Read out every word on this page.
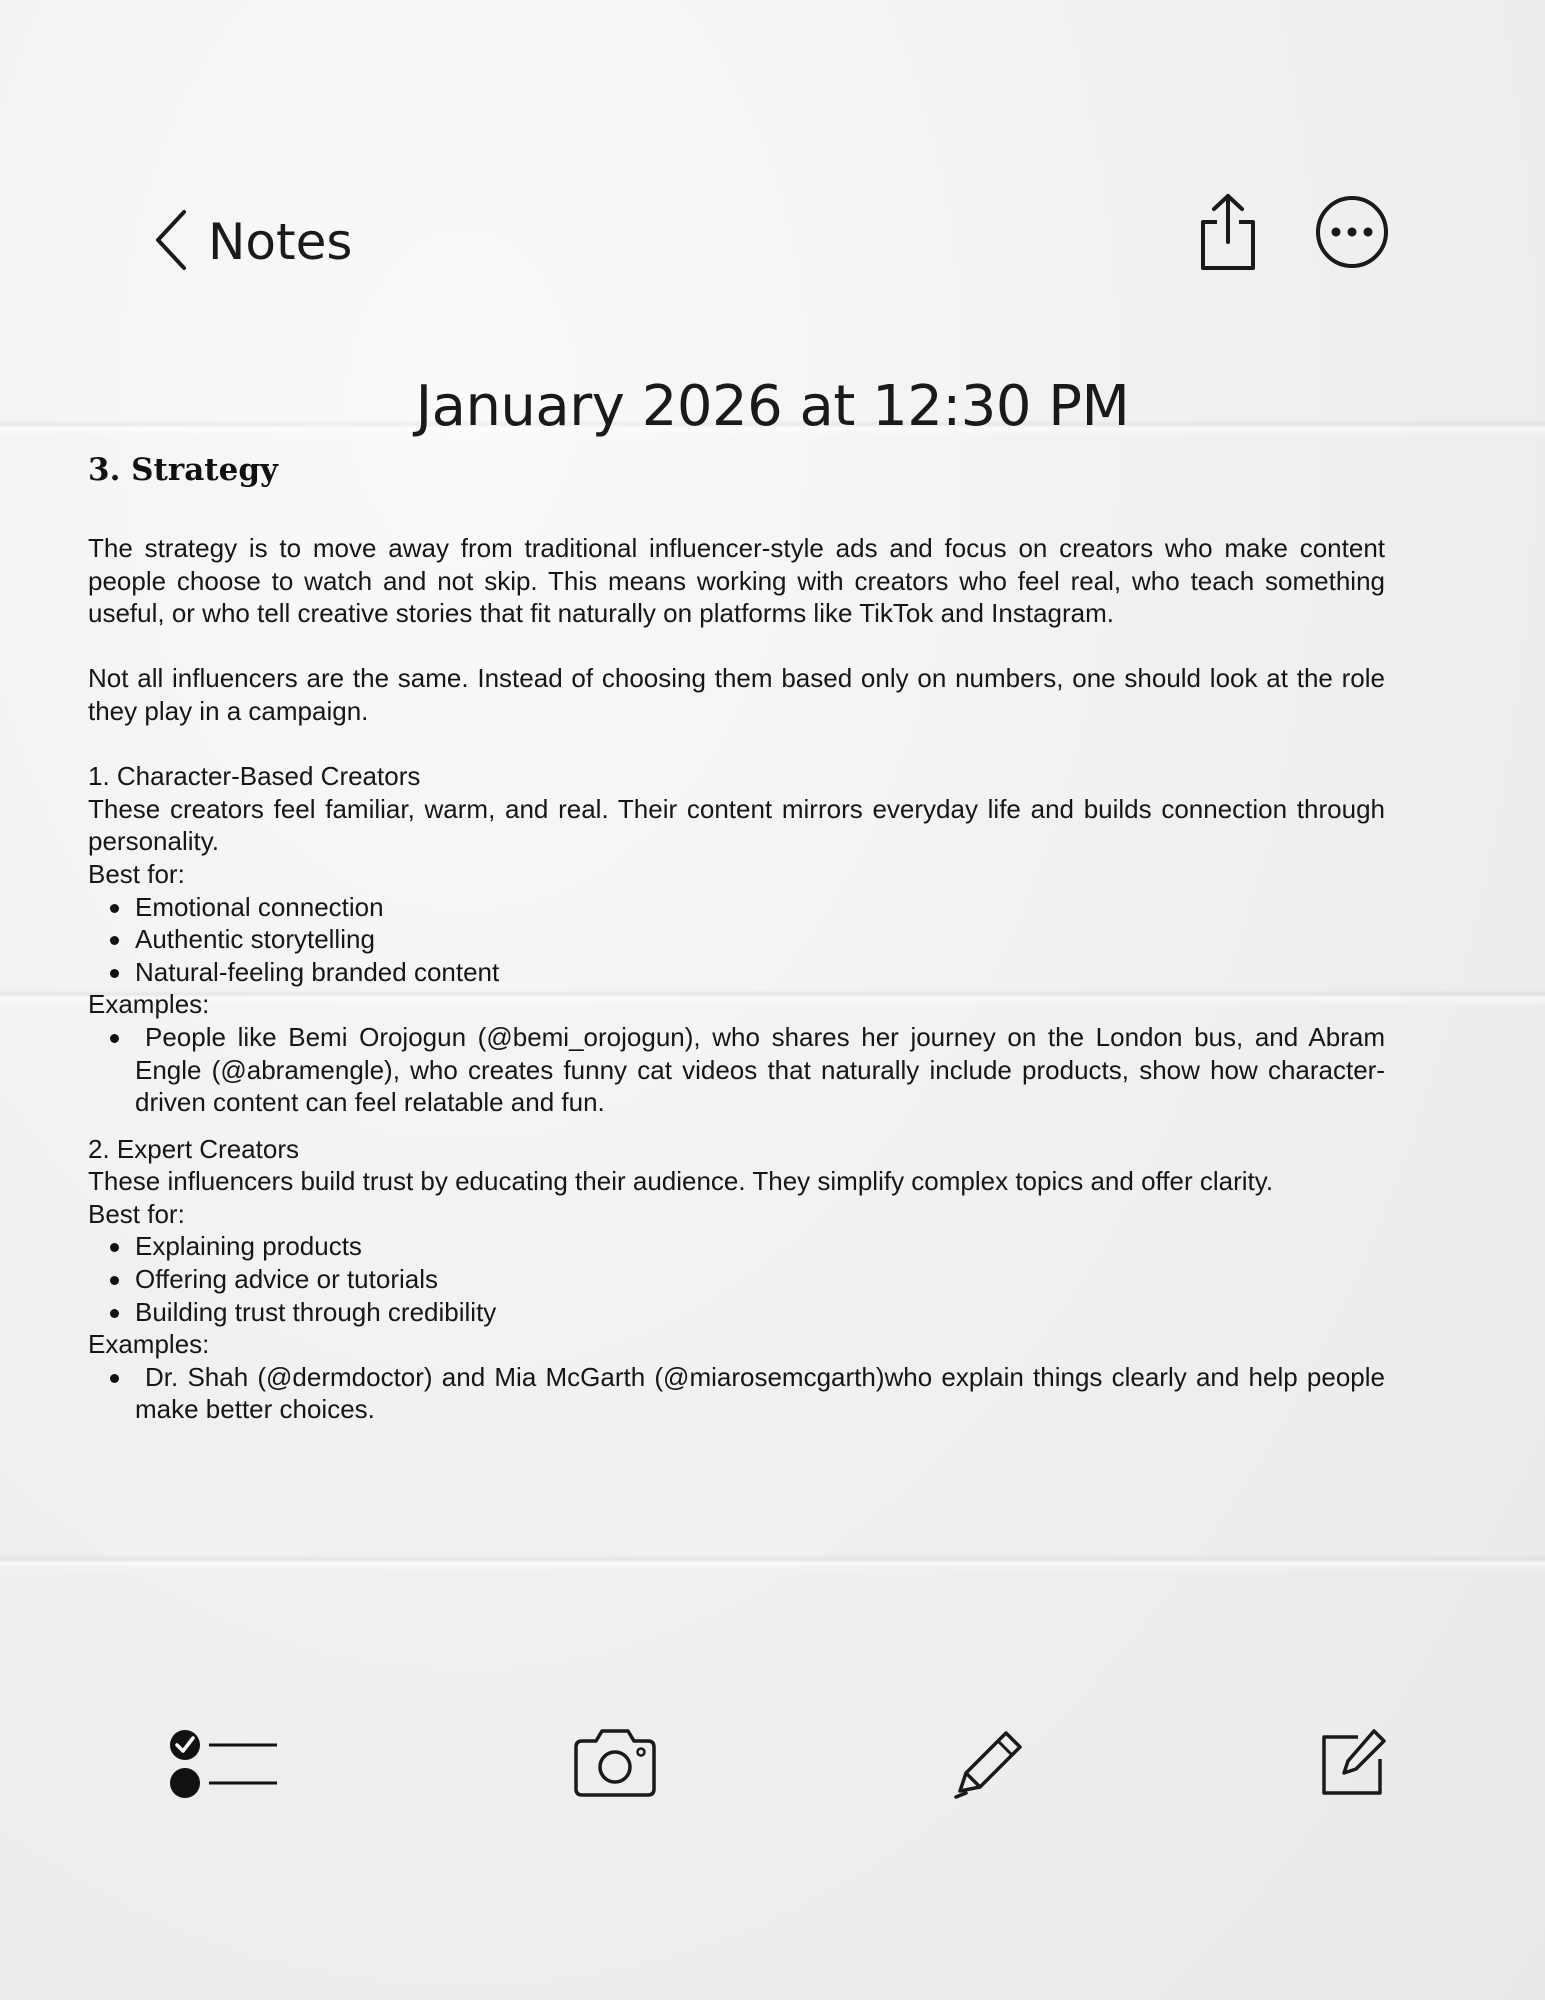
Notes
January 2026 at 12:30 PM
3. Strategy

The strategy is to move away from traditional influencer-style ads and focus on creators who make content people choose to watch and not skip. This means working with creators who feel real, who teach something useful, or who tell creative stories that fit naturally on platforms like TikTok and Instagram.

Not all influencers are the same. Instead of choosing them based only on numbers, one should look at the role they play in a campaign.

1. Character-Based Creators

These creators feel familiar, warm, and real. Their content mirrors everyday life and builds connection through personality.

Best for:

Emotional connection
Authentic storytelling
Natural-feeling branded content

Examples:

People like Bemi Orojogun (@bemi_orojogun), who shares her journey on the London bus, and Abram Engle (@abramengle), who creates funny cat videos that naturally include products, show how character-driven content can feel relatable and fun.

2. Expert Creators

These influencers build trust by educating their audience. They simplify complex topics and offer clarity.

Best for:

Explaining products
Offering advice or tutorials
Building trust through credibility

Examples:

Dr. Shah (@dermdoctor) and Mia McGarth (@miarosemcgarth)who explain things clearly and help people make better choices.
